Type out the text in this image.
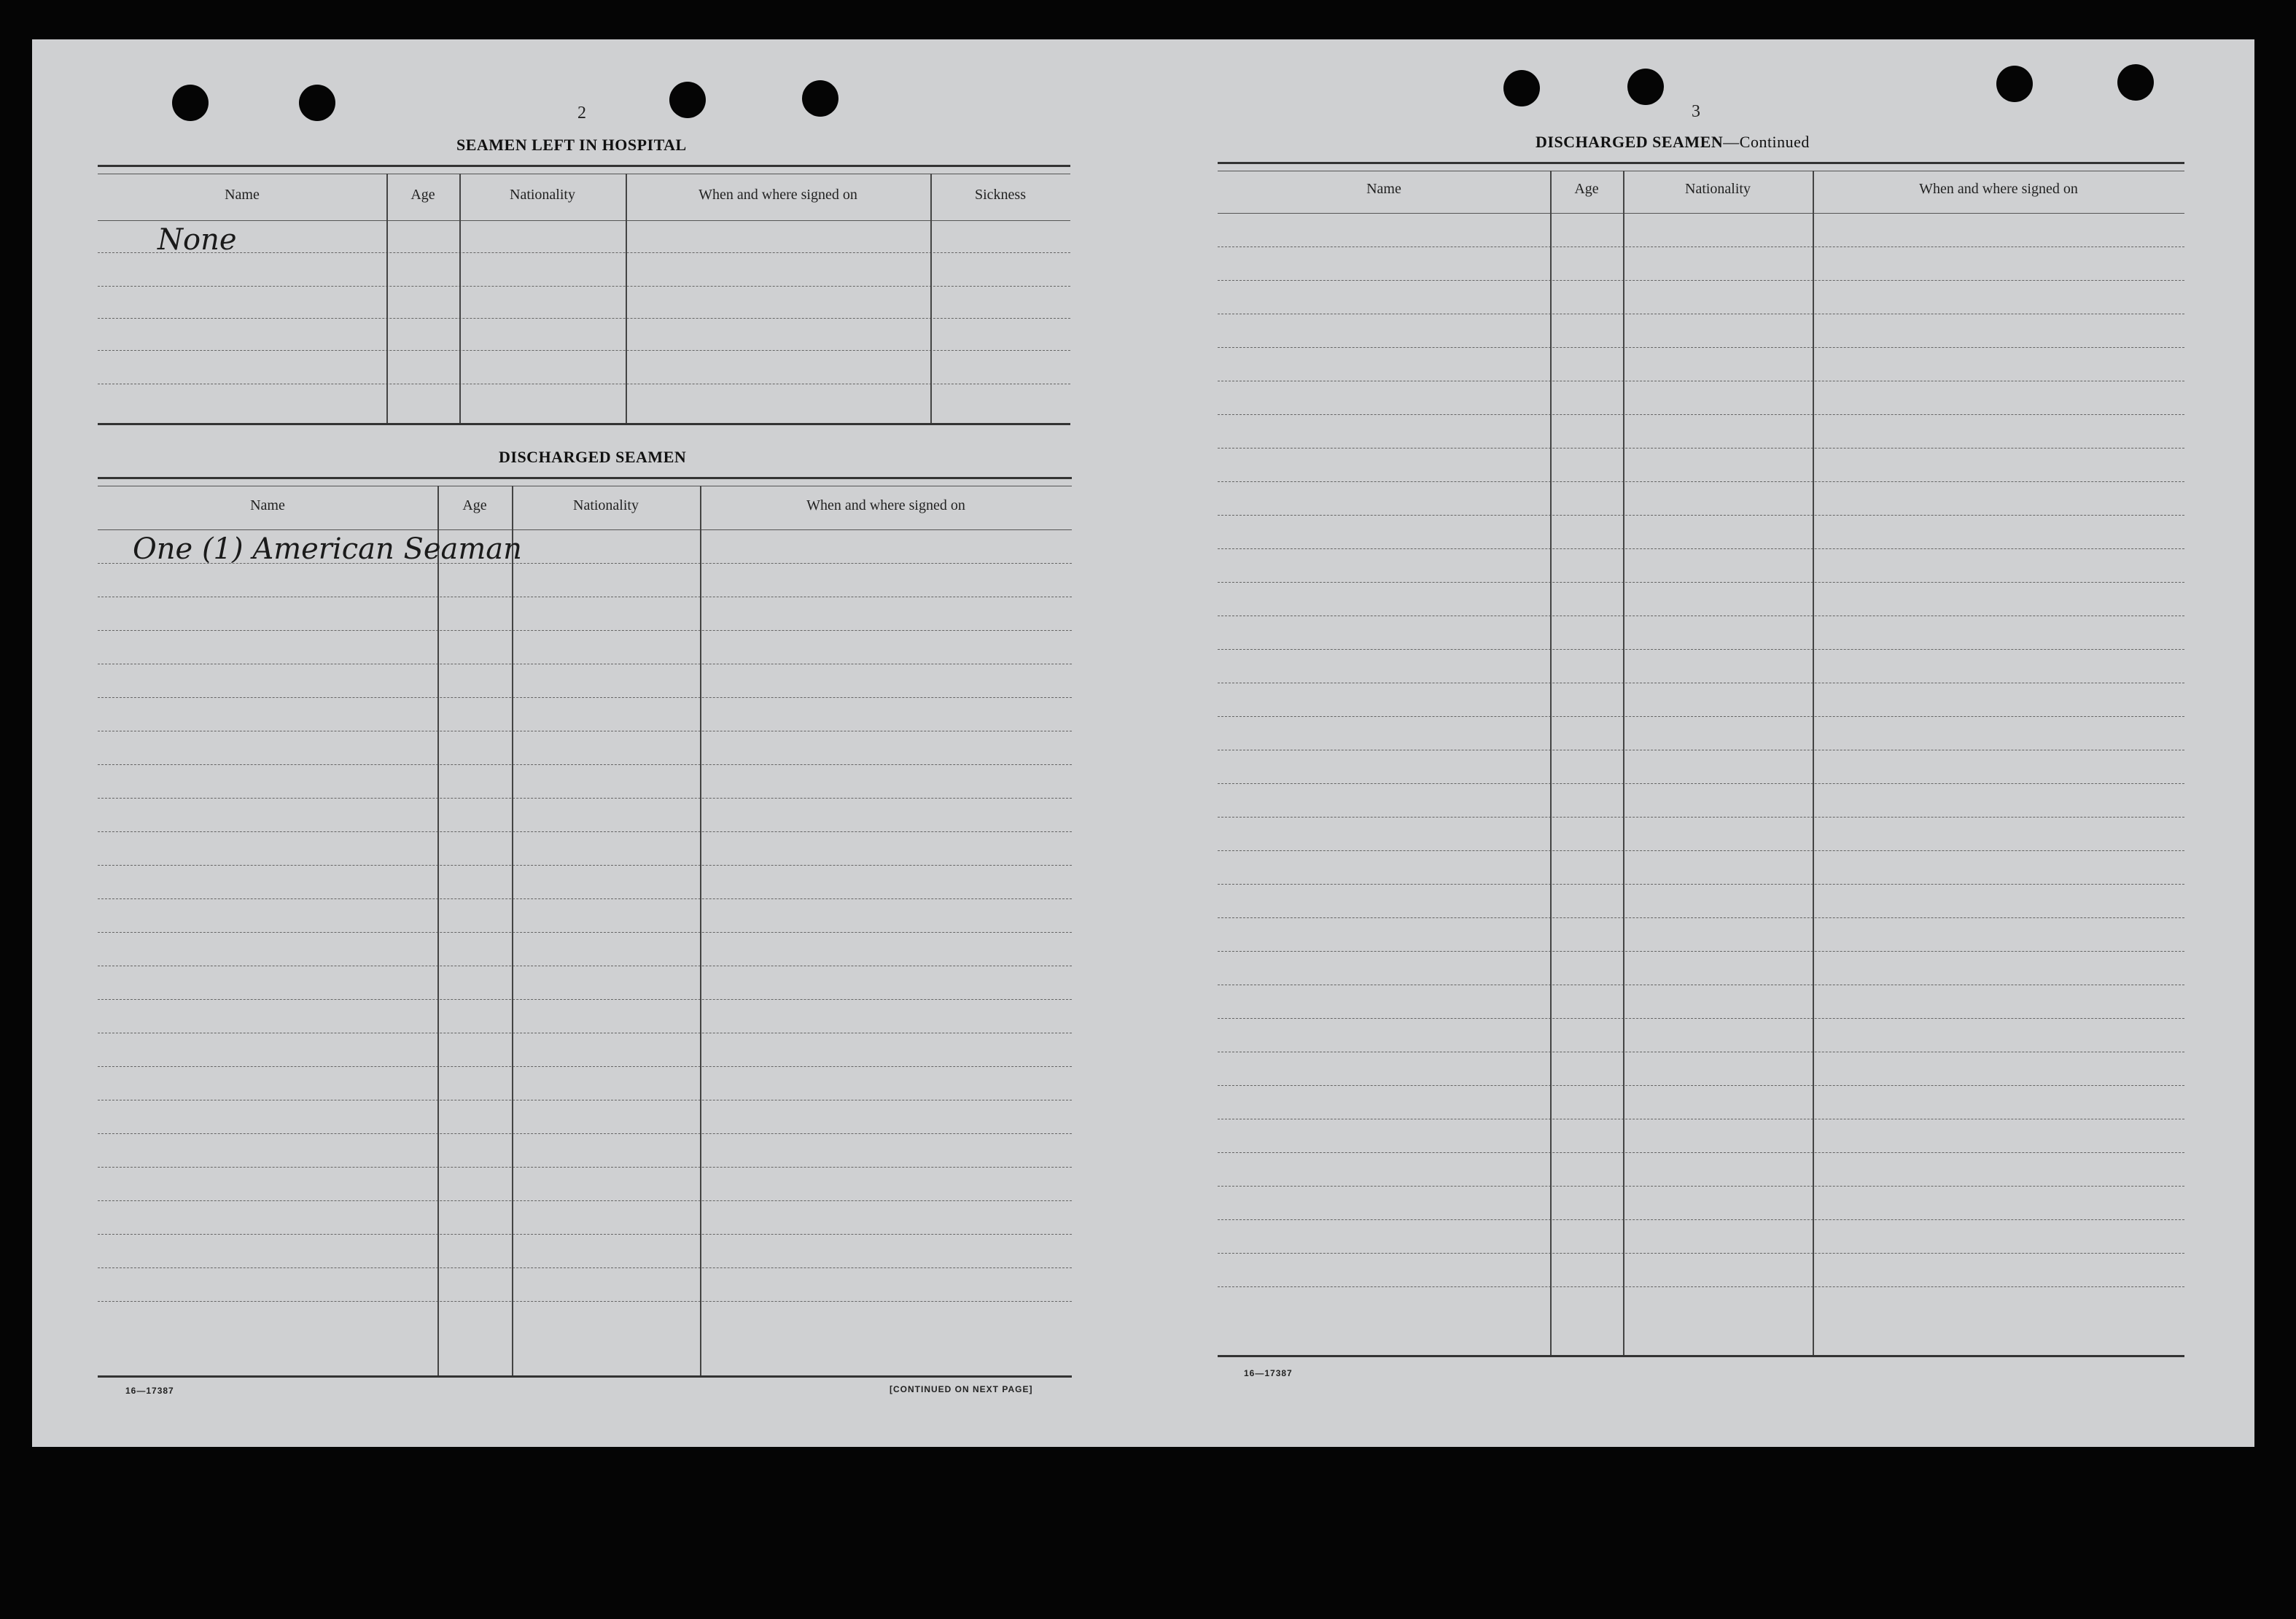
2
SEAMEN LEFT IN HOSPITAL
Name	Age	Nationality	When and where signed on	Sickness
None
DISCHARGED SEAMEN
Name	Age	Nationality	When and where signed on
One (1) American Seaman
16—17387	[CONTINUED ON NEXT PAGE]
3
DISCHARGED SEAMEN—Continued
Name	Age	Nationality	When and where signed on
16—17387
